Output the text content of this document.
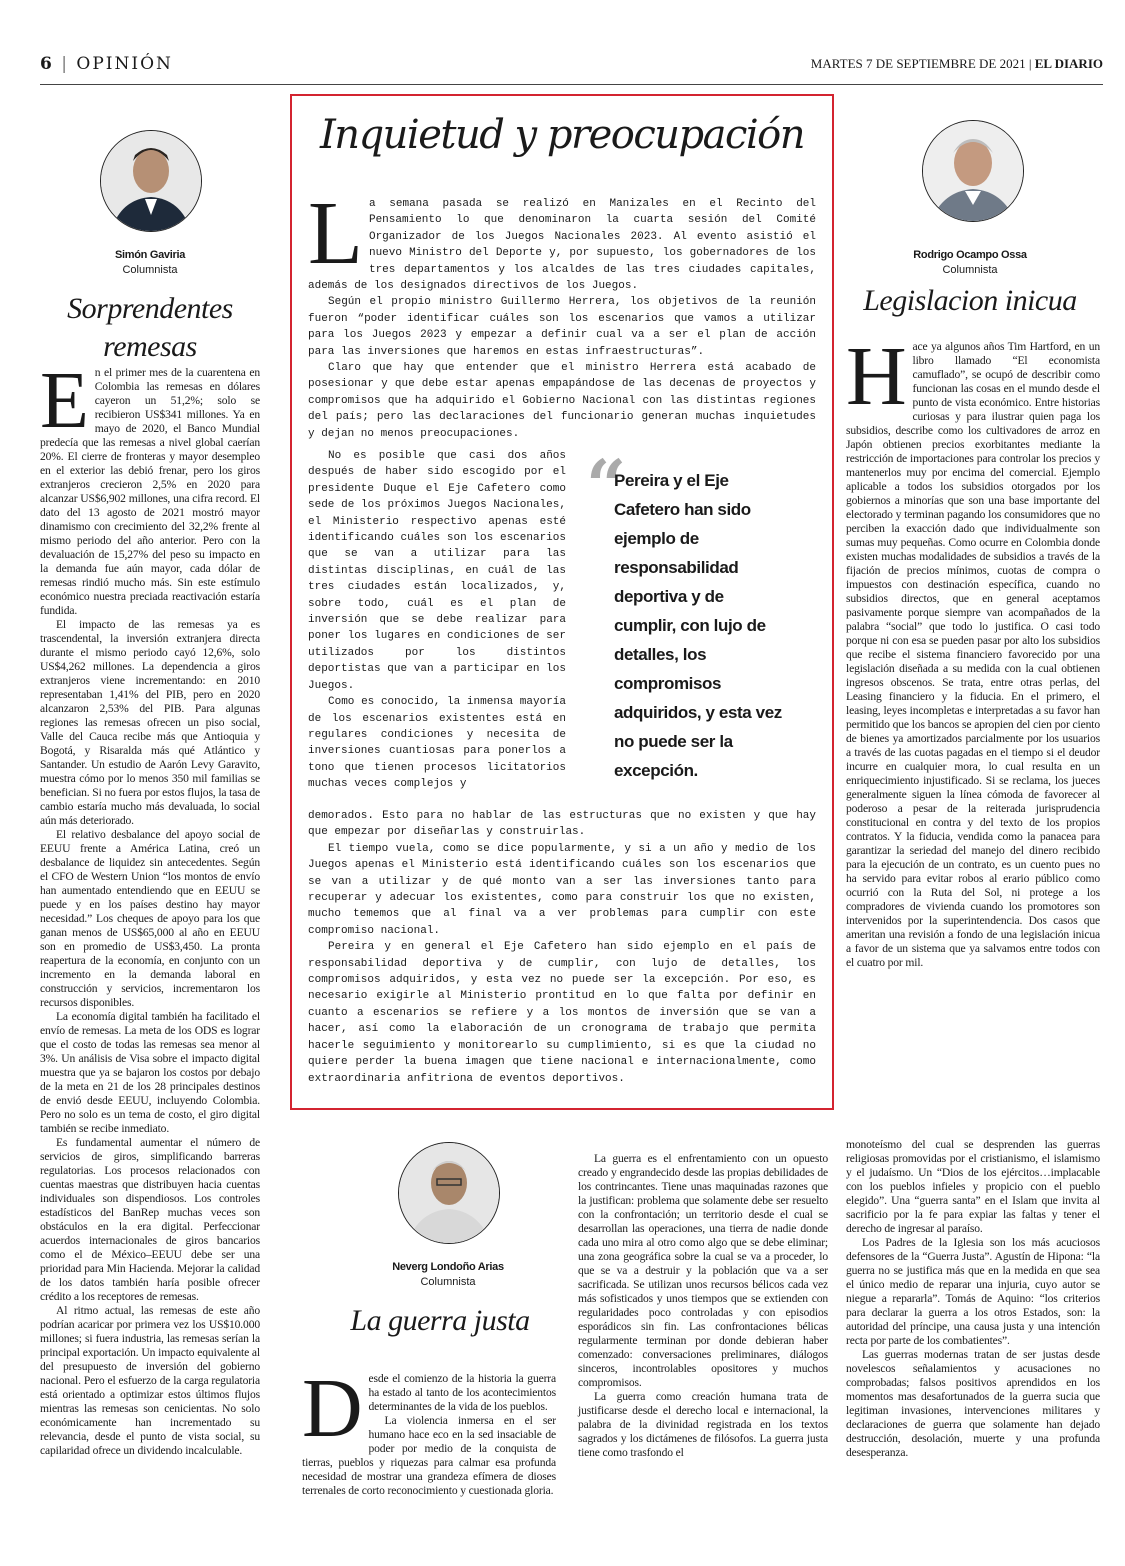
6 | OPINIÓN	MARTES 7 DE SEPTIEMBRE DE 2021 | EL DIARIO
Simón Gaviria
Columnista
Sorprendentes remesas
E n el primer mes de la cuarentena en Colombia las remesas en dólares cayeron un 51,2%; solo se recibieron US$341 millones. Ya en mayo de 2020, el Banco Mundial predecía que las remesas a nivel global caerían 20%. El cierre de fronteras y mayor desempleo en el exterior las debió frenar, pero los giros extranjeros crecieron 2,5% en 2020 para alcanzar US$6,902 millones, una cifra record. El dato del 13 agosto de 2021 mostró mayor dinamismo con crecimiento del 32,2% frente al mismo periodo del año anterior. Pero con la devaluación de 15,27% del peso su impacto en la demanda fue aún mayor, cada dólar de remesas rindió mucho más. Sin este estímulo económico nuestra preciada reactivación estaría fundida.

El impacto de las remesas ya es trascendental, la inversión extranjera directa durante el mismo periodo cayó 12,6%, solo US$4,262 millones. La dependencia a giros extranjeros viene incrementando: en 2010 representaban 1,41% del PIB, pero en 2020 alcanzaron 2,53% del PIB. Para algunas regiones las remesas ofrecen un piso social, Valle del Cauca recibe más que Antioquia y Bogotá, y Risaralda más qué Atlántico y Santander. Un estudio de Aarón Levy Garavito, muestra cómo por lo menos 350 mil familias se benefician. Si no fuera por estos flujos, la tasa de cambio estaría mucho más devaluada, lo social aún más deteriorado.

El relativo desbalance del apoyo social de EEUU frente a América Latina, creó un desbalance de liquidez sin antecedentes. Según el CFO de Western Union “los montos de envío han aumentado entendiendo que en EEUU se puede y en los países destino hay mayor necesidad.” Los cheques de apoyo para los que ganan menos de US$65,000 al año en EEUU son en promedio de US$3,450. La pronta reapertura de la economía, en conjunto con un incremento en la demanda laboral en construcción y servicios, incrementaron los recursos disponibles.

La economía digital también ha facilitado el envío de remesas. La meta de los ODS es lograr que el costo de todas las remesas sea menor al 3%. Un análisis de Visa sobre el impacto digital muestra que ya se bajaron los costos por debajo de la meta en 21 de los 28 principales destinos de envió desde EEUU, incluyendo Colombia. Pero no solo es un tema de costo, el giro digital también se recibe inmediato.

Es fundamental aumentar el número de servicios de giros, simplificando barreras regulatorias. Los procesos relacionados con cuentas maestras que distribuyen hacia cuentas individuales son dispendiosos. Los controles estadísticos del BanRep muchas veces son obstáculos en la era digital. Perfeccionar acuerdos internacionales de giros bancarios como el de México–EEUU debe ser una prioridad para Min Hacienda. Mejorar la calidad de los datos también haría posible ofrecer crédito a los receptores de remesas.

Al ritmo actual, las remesas de este año podrían acaricar por primera vez los US$10.000 millones; si fuera industria, las remesas serían la principal exportación. Un impacto equivalente al del presupuesto de inversión del gobierno nacional. Pero el esfuerzo de la carga regulatoria está orientado a optimizar estos últimos flujos mientras las remesas son cenicientas. No solo económicamente han incrementado su relevancia, desde el punto de vista social, su capilaridad ofrece un dividendo incalculable.

Inquietud y preocupación
L a semana pasada se realizó en Manizales en el Recinto del Pensamiento lo que denominaron la cuarta sesión del Comité Organizador de los Juegos Nacionales 2023. Al evento asistió el nuevo Ministro del Deporte y, por supuesto, los gobernadores de los tres departamentos y los alcaldes de las tres ciudades capitales, además de los designados directivos de los Juegos.

Según el propio ministro Guillermo Herrera, los objetivos de la reunión fueron “poder identificar cuáles son los escenarios que vamos a utilizar para los Juegos 2023 y empezar a definir cual va a ser el plan de acción para las inversiones que haremos en estas infraestructuras”.

Claro que hay que entender que el ministro Herrera está acabado de posesionar y que debe estar apenas empapándose de las decenas de proyectos y compromisos que ha adquirido el Gobierno Nacional con las distintas regiones del país; pero las declaraciones del funcionario generan muchas inquietudes y dejan no menos preocupaciones.

No es posible que casi dos años después de haber sido escogido por el presidente Duque el Eje Cafetero como sede de los próximos Juegos Nacionales, el Ministerio respectivo apenas esté identificando cuáles son los escenarios que se van a utilizar para las distintas disciplinas, en cuál de las tres ciudades están localizados, y, sobre todo, cuál es el plan de inversión que se debe realizar para poner los lugares en condiciones de ser utilizados por los distintos deportistas que van a participar en los Juegos.

Como es conocido, la inmensa mayoría de los escenarios existentes está en regulares condiciones y necesita de inversiones cuantiosas para ponerlos a tono que tienen procesos licitatorios muchas veces complejos y

“
Pereira y el Eje Cafetero han sido ejemplo de responsabilidad deportiva y de cumplir, con lujo de detalles, los compromisos adquiridos, y esta vez no puede ser la excepción.

demorados. Esto para no hablar de las estructuras que no existen y que hay que empezar por diseñarlas y construirlas.

El tiempo vuela, como se dice popularmente, y si a un año y medio de los Juegos apenas el Ministerio está identificando cuáles son los escenarios que se van a utilizar y de qué monto van a ser las inversiones tanto para recuperar y adecuar los existentes, como para construir los que no existen, mucho tememos que al final va a ver problemas para cumplir con este compromiso nacional.

Pereira y en general el Eje Cafetero han sido ejemplo en el país de responsabilidad deportiva y de cumplir, con lujo de detalles, los compromisos adquiridos, y esta vez no puede ser la excepción. Por eso, es necesario exigirle al Ministerio prontitud en lo que falta por definir en cuanto a escenarios se refiere y a los montos de inversión que se van a hacer, así como la elaboración de un cronograma de trabajo que permita hacerle seguimiento y monitorearlo su cumplimiento, si es que la ciudad no quiere perder la buena imagen que tiene nacional e internacionalmente, como extraordinaria anfitriona de eventos deportivos.

Rodrigo Ocampo Ossa
Columnista
Legislacion inicua
H ace ya algunos años Tim Hartford, en un libro llamado “El economista camuflado”, se ocupó de describir como funcionan las cosas en el mundo desde el punto de vista económico. Entre historias curiosas y para ilustrar quien paga los subsidios, describe como los cultivadores de arroz en Japón obtienen precios exorbitantes mediante la restricción de importaciones para controlar los precios y mantenerlos muy por encima del comercial. Ejemplo aplicable a todos los subsidios otorgados por los gobiernos a minorías que son una base importante del electorado y terminan pagando los consumidores que no perciben la exacción dado que individualmente son sumas muy pequeñas. Como ocurre en Colombia donde existen muchas modalidades de subsidios a través de la fijación de precios mínimos, cuotas de compra o impuestos con destinación específica, cuando no subsidios directos, que en general aceptamos pasivamente porque siempre van acompañados de la palabra “social” que todo lo justifica. O casi todo porque ni con esa se pueden pasar por alto los subsidios que recibe el sistema financiero favorecido por una legislación diseñada a su medida con la cual obtienen ingresos obscenos. Se trata, entre otras perlas, del Leasing financiero y la fiducia. En el primero, el leasing, leyes incompletas e interpretadas a su favor han permitido que los bancos se apropien del cien por ciento de bienes ya amortizados parcialmente por los usuarios a través de las cuotas pagadas en el tiempo si el deudor incurre en cualquier mora, lo cual resulta en un enriquecimiento injustificado. Si se reclama, los jueces generalmente siguen la línea cómoda de favorecer al poderoso a pesar de la reiterada jurisprudencia constitucional en contra y del texto de los propios contratos. Y la fiducia, vendida como la panacea para garantizar la seriedad del manejo del dinero recibido para la ejecución de un contrato, es un cuento pues no ha servido para evitar robos al erario público como ocurrió con la Ruta del Sol, ni protege a los compradores de vivienda cuando los promotores son intervenidos por la superintendencia. Dos casos que ameritan una revisión a fondo de una legislación inicua a favor de un sistema que ya salvamos entre todos con el cuatro por mil.

Neverg Londoño Arias
Columnista
La guerra justa
D esde el comienzo de la historia la guerra ha estado al tanto de los acontecimientos determinantes de la vida de los pueblos.

La violencia inmersa en el ser humano hace eco en la sed insaciable de poder por medio de la conquista de tierras, pueblos y riquezas para calmar esa profunda necesidad de mostrar una grandeza efímera de dioses terrenales de corto reconocimiento y cuestionada gloria.

La guerra es el enfrentamiento con un opuesto creado y engrandecido desde las propias debilidades de los contrincantes. Tiene unas maquinadas razones que la justifican: problema que solamente debe ser resuelto con la confrontación; un territorio desde el cual se desarrollan las operaciones, una tierra de nadie donde cada uno mira al otro como algo que se debe eliminar; una zona geográfica sobre la cual se va a proceder, lo que se va a destruir y la población que va a ser sacrificada. Se utilizan unos recursos bélicos cada vez más sofisticados y unos tiempos que se extienden con regularidades poco controladas y con episodios esporádicos sin fin. Las confrontaciones bélicas regularmente terminan por donde debieran haber comenzado: conversaciones preliminares, diálogos sinceros, incontrolables opositores y muchos compromisos.

La guerra como creación humana trata de justificarse desde el derecho local e internacional, la palabra de la divinidad registrada en los textos sagrados y los dictámenes de filósofos. La guerra justa tiene como trasfondo el

monoteísmo del cual se desprenden las guerras religiosas promovidas por el cristianismo, el islamismo y el judaísmo. Un “Dios de los ejércitos…implacable con los pueblos infieles y propicio con el pueblo elegido”. Una “guerra santa” en el Islam que invita al sacrificio por la fe para expiar las faltas y tener el derecho de ingresar al paraíso.

Los Padres de la Iglesia son los más acuciosos defensores de la “Guerra Justa”. Agustín de Hipona: “la guerra no se justifica más que en la medida en que sea el único medio de reparar una injuria, cuyo autor se niegue a repararla”. Tomás de Aquino: “los criterios para declarar la guerra a los otros Estados, son: la autoridad del príncipe, una causa justa y una intención recta por parte de los combatientes”.

Las guerras modernas tratan de ser justas desde novelescos señalamientos y acusaciones no comprobadas; falsos positivos aprendidos en los momentos mas desafortunados de la guerra sucia que legitiman invasiones, intervenciones militares y declaraciones de guerra que solamente han dejado destrucción, desolación, muerte y una profunda desesperanza.
